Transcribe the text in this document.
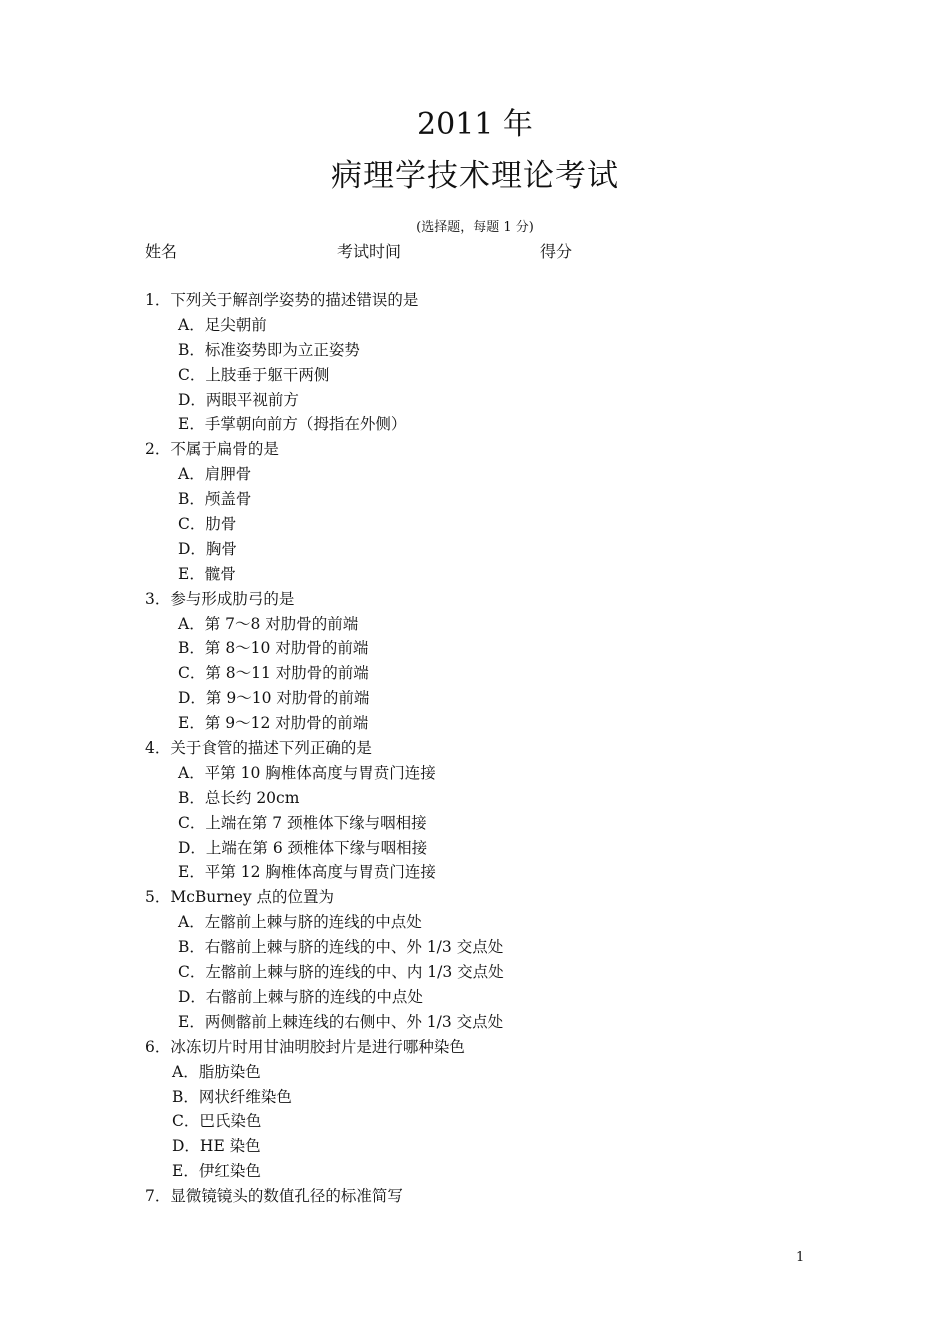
2011 年
病理学技术理论考试
(选择题，每题 1 分)
姓名	考试时间	得分
1．下列关于解剖学姿势的描述错误的是
A．足尖朝前
B．标准姿势即为立正姿势
C．上肢垂于躯干两侧
D．两眼平视前方
E．手掌朝向前方（拇指在外侧）
2．不属于扁骨的是
A．肩胛骨
B．颅盖骨
C．肋骨
D．胸骨
E．髋骨
3．参与形成肋弓的是
A．第 7～8 对肋骨的前端
B．第 8～10 对肋骨的前端
C．第 8～11 对肋骨的前端
D．第 9～10 对肋骨的前端
E．第 9～12 对肋骨的前端
4．关于食管的描述下列正确的是
A．平第 10 胸椎体高度与胃贲门连接
B．总长约 20cm
C．上端在第 7 颈椎体下缘与咽相接
D．上端在第 6 颈椎体下缘与咽相接
E．平第 12 胸椎体高度与胃贲门连接
5．McBurney 点的位置为
A．左髂前上棘与脐的连线的中点处
B．右髂前上棘与脐的连线的中、外 1/3 交点处
C．左髂前上棘与脐的连线的中、内 1/3 交点处
D．右髂前上棘与脐的连线的中点处
E．两侧髂前上棘连线的右侧中、外 1/3 交点处
6．冰冻切片时用甘油明胶封片是进行哪种染色
A．脂肪染色
B．网状纤维染色
C．巴氏染色
D．HE 染色
E．伊红染色
7．显微镜镜头的数值孔径的标准简写
1
